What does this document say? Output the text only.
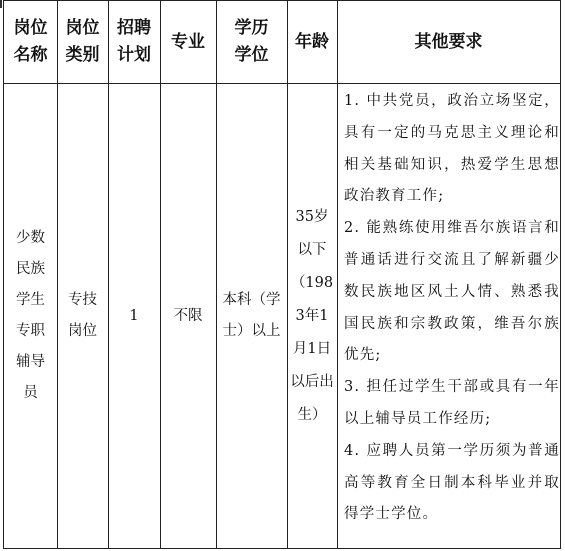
岗位名称
岗位类别
招聘计划
专业
学历学位
年龄	其他要求
少数民族学生专职辅导员
专技岗位
1 不限
本科（学士）以上
35岁以下（1983年1月1日以后出生）

1. 中共党员，政治立场坚定，具有一定的马克思主义理论和相关基础知识，热爱学生思想政治教育工作;

2. 能熟练使用维吾尔族语言和普通话进行交流且了解新疆少数民族地区风土人情、熟悉我国民族和宗教政策，维吾尔族优先;

3. 担任过学生干部或具有一年以上辅导员工作经历;

4. 应聘人员第一学历须为普通高等教育全日制本科毕业并取得学士学位。
